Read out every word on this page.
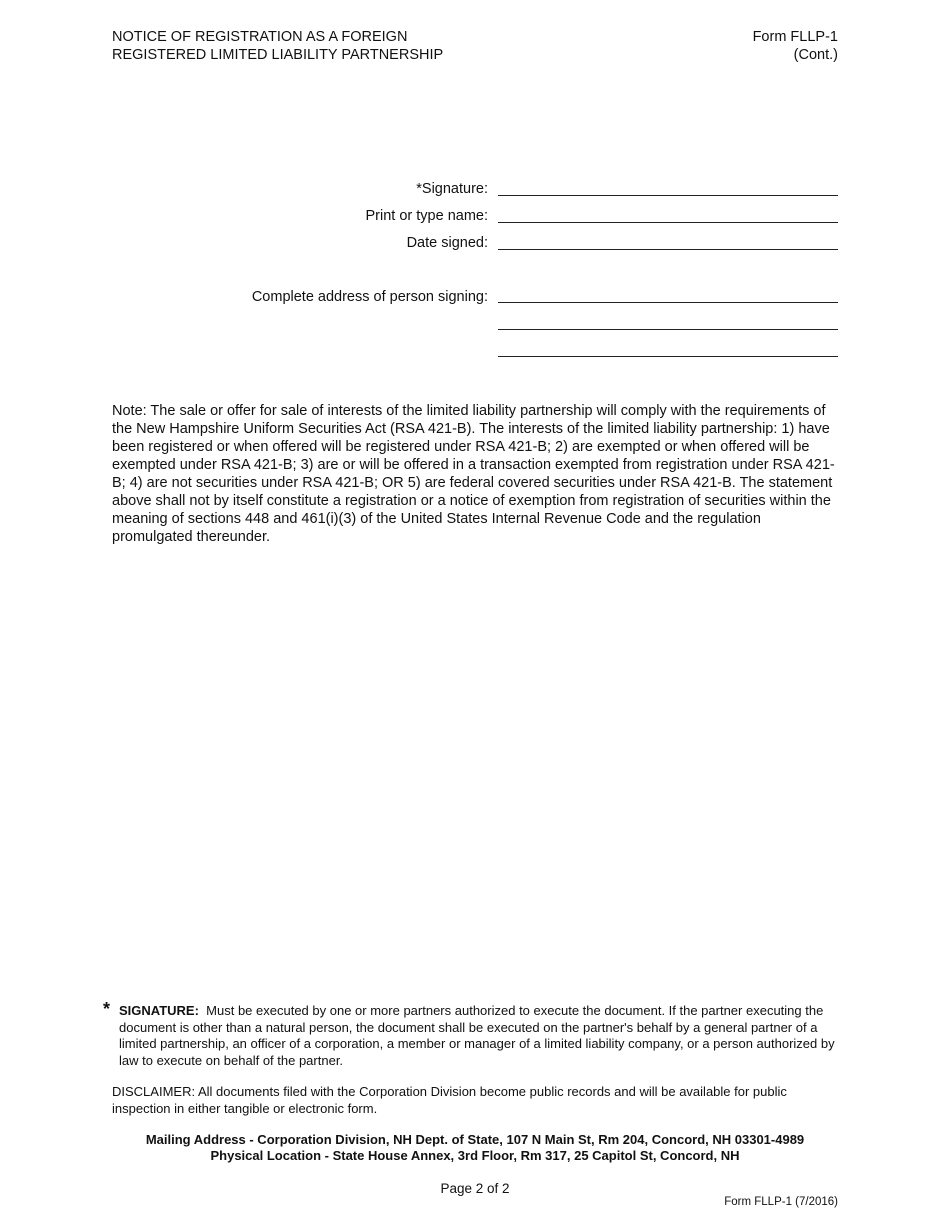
NOTICE OF REGISTRATION AS A FOREIGN
REGISTERED LIMITED LIABILITY PARTNERSHIP
Form FLLP-1
(Cont.)
*Signature:
Print or type name:
Date signed:
Complete address of person signing:
Note: The sale or offer for sale of interests of the limited liability partnership will comply with the requirements of the New Hampshire Uniform Securities Act (RSA 421-B). The interests of the limited liability partnership: 1) have been registered or when offered will be registered under RSA 421-B; 2) are exempted or when offered will be exempted under RSA 421-B; 3) are or will be offered in a transaction exempted from registration under RSA 421-B; 4) are not securities under RSA 421-B; OR 5) are federal covered securities under RSA 421-B. The statement above shall not by itself constitute a registration or a notice of exemption from registration of securities within the meaning of sections 448 and 461(i)(3) of the United States Internal Revenue Code and the regulation promulgated thereunder.
* SIGNATURE: Must be executed by one or more partners authorized to execute the document. If the partner executing the document is other than a natural person, the document shall be executed on the partner's behalf by a general partner of a limited partnership, an officer of a corporation, a member or manager of a limited liability company, or a person authorized by law to execute on behalf of the partner.
DISCLAIMER: All documents filed with the Corporation Division become public records and will be available for public inspection in either tangible or electronic form.
Mailing Address - Corporation Division, NH Dept. of State, 107 N Main St, Rm 204, Concord, NH 03301-4989
Physical Location - State House Annex, 3rd Floor, Rm 317, 25 Capitol St, Concord, NH
Page 2 of 2
Form FLLP-1 (7/2016)
